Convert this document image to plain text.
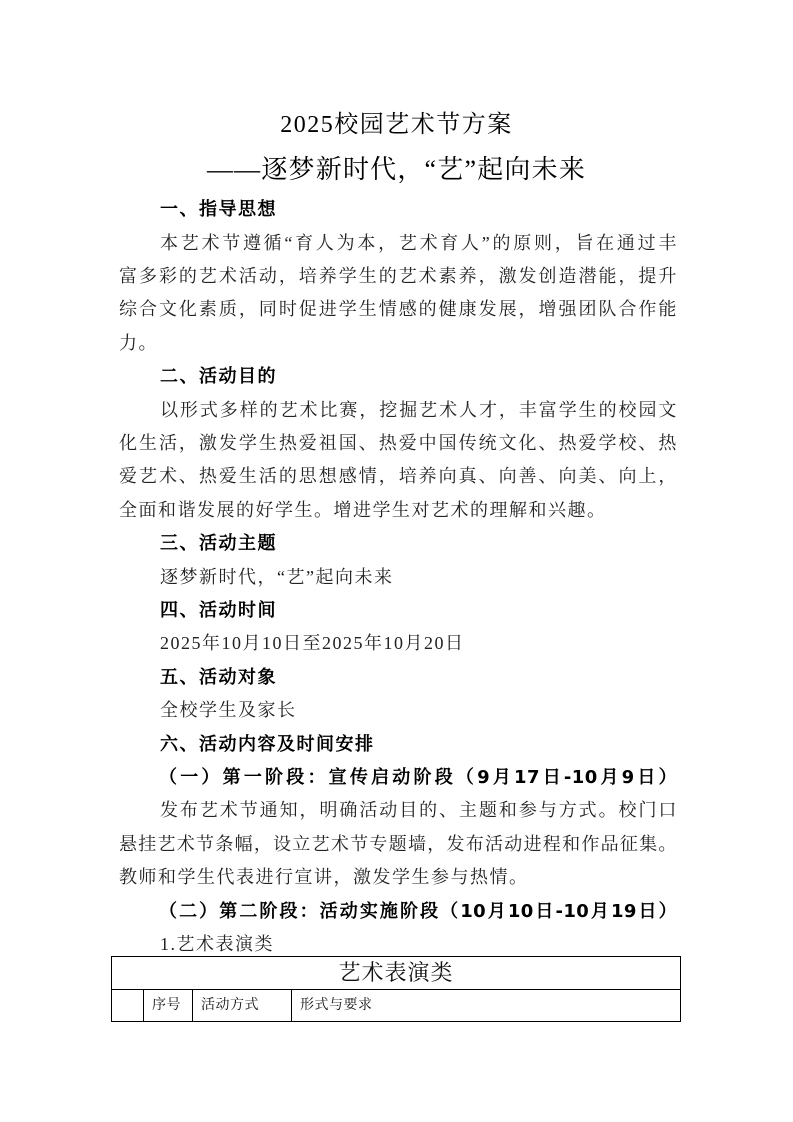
2025校园艺术节方案
——逐梦新时代，“艺”起向未来
一、指导思想
本艺术节遵循“育人为本，艺术育人”的原则，旨在通过丰
富多彩的艺术活动，培养学生的艺术素养，激发创造潜能，提升
综合文化素质，同时促进学生情感的健康发展，增强团队合作能
力。
二、活动目的
以形式多样的艺术比赛，挖掘艺术人才，丰富学生的校园文
化生活，激发学生热爱祖国、热爱中国传统文化、热爱学校、热
爱艺术、热爱生活的思想感情，培养向真、向善、向美、向上，
全面和谐发展的好学生。增进学生对艺术的理解和兴趣。
三、活动主题
逐梦新时代，“艺”起向未来
四、活动时间
2025年10月10日至2025年10月20日
五、活动对象
全校学生及家长
六、活动内容及时间安排
（一）第一阶段：宣传启动阶段（9月17日-10月9日）
发布艺术节通知，明确活动目的、主题和参与方式。校门口
悬挂艺术节条幅，设立艺术节专题墙，发布活动进程和作品征集。
教师和学生代表进行宣讲，激发学生参与热情。
（二）第二阶段：活动实施阶段（10月10日-10月19日）
1.艺术表演类
艺术表演类
	序号	活动方式	形式与要求
